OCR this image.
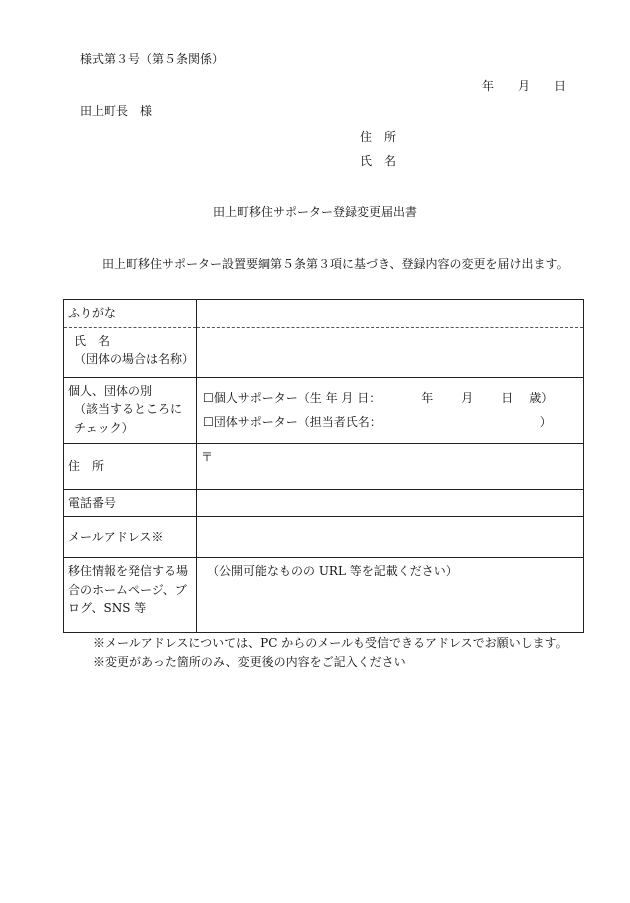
様式第３号（第５条関係）
年 月 日
田上町長　様
住　所
氏　名
田上町移住サポーター登録変更届出書
田上町移住サポーター設置要綱第５条第３項に基づき、登録内容の変更を届け出ます。
ふりがな	

氏　名
（団体の場合は名称）	

個人、団体の別
（該当するところにチェック）	☐個人サポーター（生 年 月 日： 年 月 日 歳）
☐団体サポーター（担当者氏名： ）

住　所	〒
電話番号	
メールアドレス※	
移住情報を発信する場合のホームページ、ブログ、SNS 等	（公開可能なものの URL 等を記載ください）
※メールアドレスについては、PC からのメールも受信できるアドレスでお願いします。
※変更があった箇所のみ、変更後の内容をご記入ください
